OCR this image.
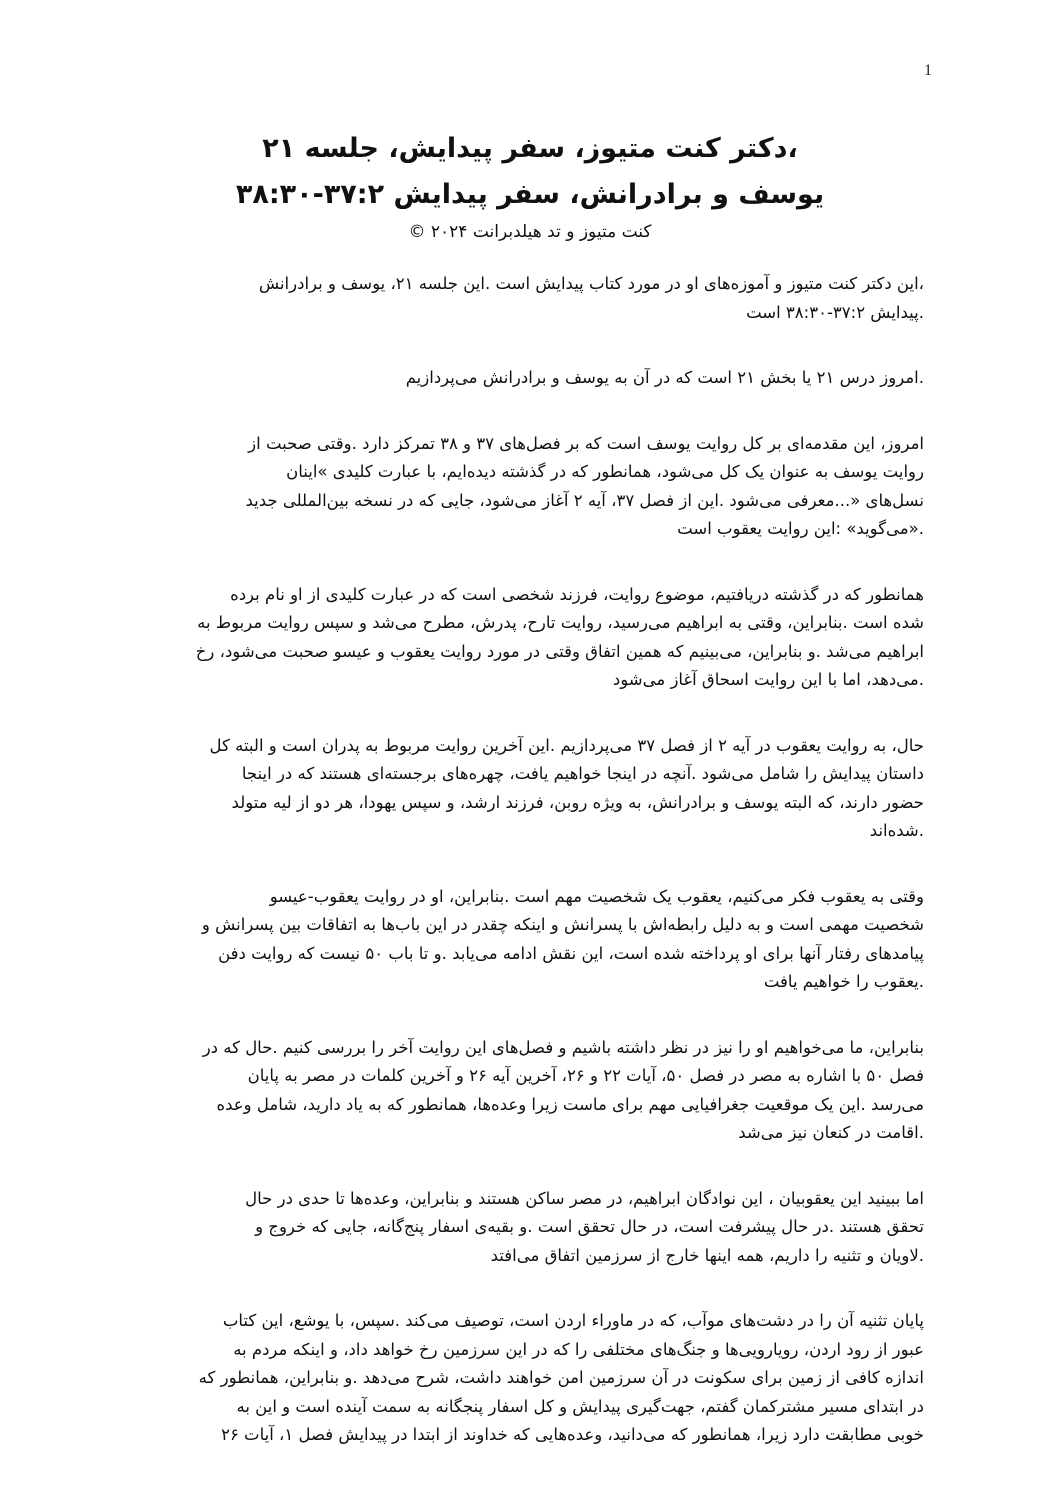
1

،دکتر کنت متیوز، سفر پیدایش، جلسه ۲۱

یوسف و برادرانش، سفر پیدایش ۳۷:۲-۳۸:۳۰

کنت متیوز و تد هیلدبرانت ۲۰۲۴ ©

،این دکتر کنت متیوز و آموزه‌های او در مورد کتاب پیدایش است .این جلسه ۲۱، یوسف و برادرانش
.پیدایش ۳۷:۲-۳۸:۳۰ است

.امروز درس ۲۱ یا بخش ۲۱ است که در آن به یوسف و برادرانش می‌پردازیم

امروز، این مقدمه‌ای بر کل روایت یوسف است که بر فصل‌های ۳۷ و ۳۸ تمرکز دارد .وقتی صحبت از
روایت یوسف به عنوان یک کل می‌شود، همانطور که در گذشته دیده‌ایم، با عبارت کلیدی »اینان
نسل‌های «...معرفی می‌شود .این از فصل ۳۷، آیه ۲ آغاز می‌شود، جایی که در نسخه بین‌المللی جدید
.«می‌گوید» :این روایت یعقوب است

همانطور که در گذشته دریافتیم، موضوع روایت، فرزند شخصی است که در عبارت کلیدی از او نام برده
شده است .بنابراین، وقتی به ابراهیم می‌رسید، روایت تارح، پدرش، مطرح می‌شد و سپس روایت مربوط به
ابراهیم می‌شد .و بنابراین، می‌بینیم که همین اتفاق وقتی در مورد روایت یعقوب و عیسو صحبت می‌شود، رخ
.می‌دهد، اما با این روایت اسحاق آغاز می‌شود

حال، به روایت یعقوب در آیه ۲ از فصل ۳۷ می‌پردازیم .این آخرین روایت مربوط به پدران است و البته کل
داستان پیدایش را شامل می‌شود .آنچه در اینجا خواهیم یافت، چهره‌های برجسته‌ای هستند که در اینجا
حضور دارند، که البته یوسف و برادرانش، به ویژه روبن، فرزند ارشد، و سپس یهودا، هر دو از لیه متولد
.شده‌اند

وقتی به یعقوب فکر می‌کنیم، یعقوب یک شخصیت مهم است .بنابراین، او در روایت یعقوب-عیسو
شخصیت مهمی است و به دلیل رابطه‌اش با پسرانش و اینکه چقدر در این باب‌ها به اتفاقات بین پسرانش و
پیامدهای رفتار آنها برای او پرداخته شده است، این نقش ادامه می‌یابد .و تا باب ۵۰ نیست که روایت دفن
.یعقوب را خواهیم یافت

بنابراین، ما می‌خواهیم او را نیز در نظر داشته باشیم و فصل‌های این روایت آخر را بررسی کنیم .حال که در
فصل ۵۰ با اشاره به مصر در فصل ۵۰، آیات ۲۲ و ۲۶، آخرین آیه ۲۶ و آخرین کلمات در مصر به پایان
می‌رسد .این یک موقعیت جغرافیایی مهم برای ماست زیرا وعده‌ها، همانطور که به یاد دارید، شامل وعده
.اقامت در کنعان نیز می‌شد

اما ببینید این یعقوبیان ، این نوادگان ابراهیم، در مصر ساکن هستند و بنابراین، وعده‌ها تا حدی در حال
تحقق هستند .در حال پیشرفت است، در حال تحقق است .و بقیه‌ی اسفار پنج‌گانه، جایی که خروج و
.لاویان و تثنیه را داریم، همه اینها خارج از سرزمین اتفاق می‌افتد

پایان تثنیه آن را در دشت‌های موآب، که در ماوراء اردن است، توصیف می‌کند .سپس، با یوشع، این کتاب
عبور از رود اردن، رویارویی‌ها و جنگ‌های مختلفی را که در این سرزمین رخ خواهد داد، و اینکه مردم به
اندازه کافی از زمین برای سکونت در آن سرزمین امن خواهند داشت، شرح می‌دهد .و بنابراین، همانطور که
در ابتدای مسیر مشترکمان گفتم، جهت‌گیری پیدایش و کل اسفار پنجگانه به سمت آینده است و این به
خوبی مطابقت دارد زیرا، همانطور که می‌دانید، وعده‌هایی که خداوند از ابتدا در پیدایش فصل ۱، آیات ۲۶
